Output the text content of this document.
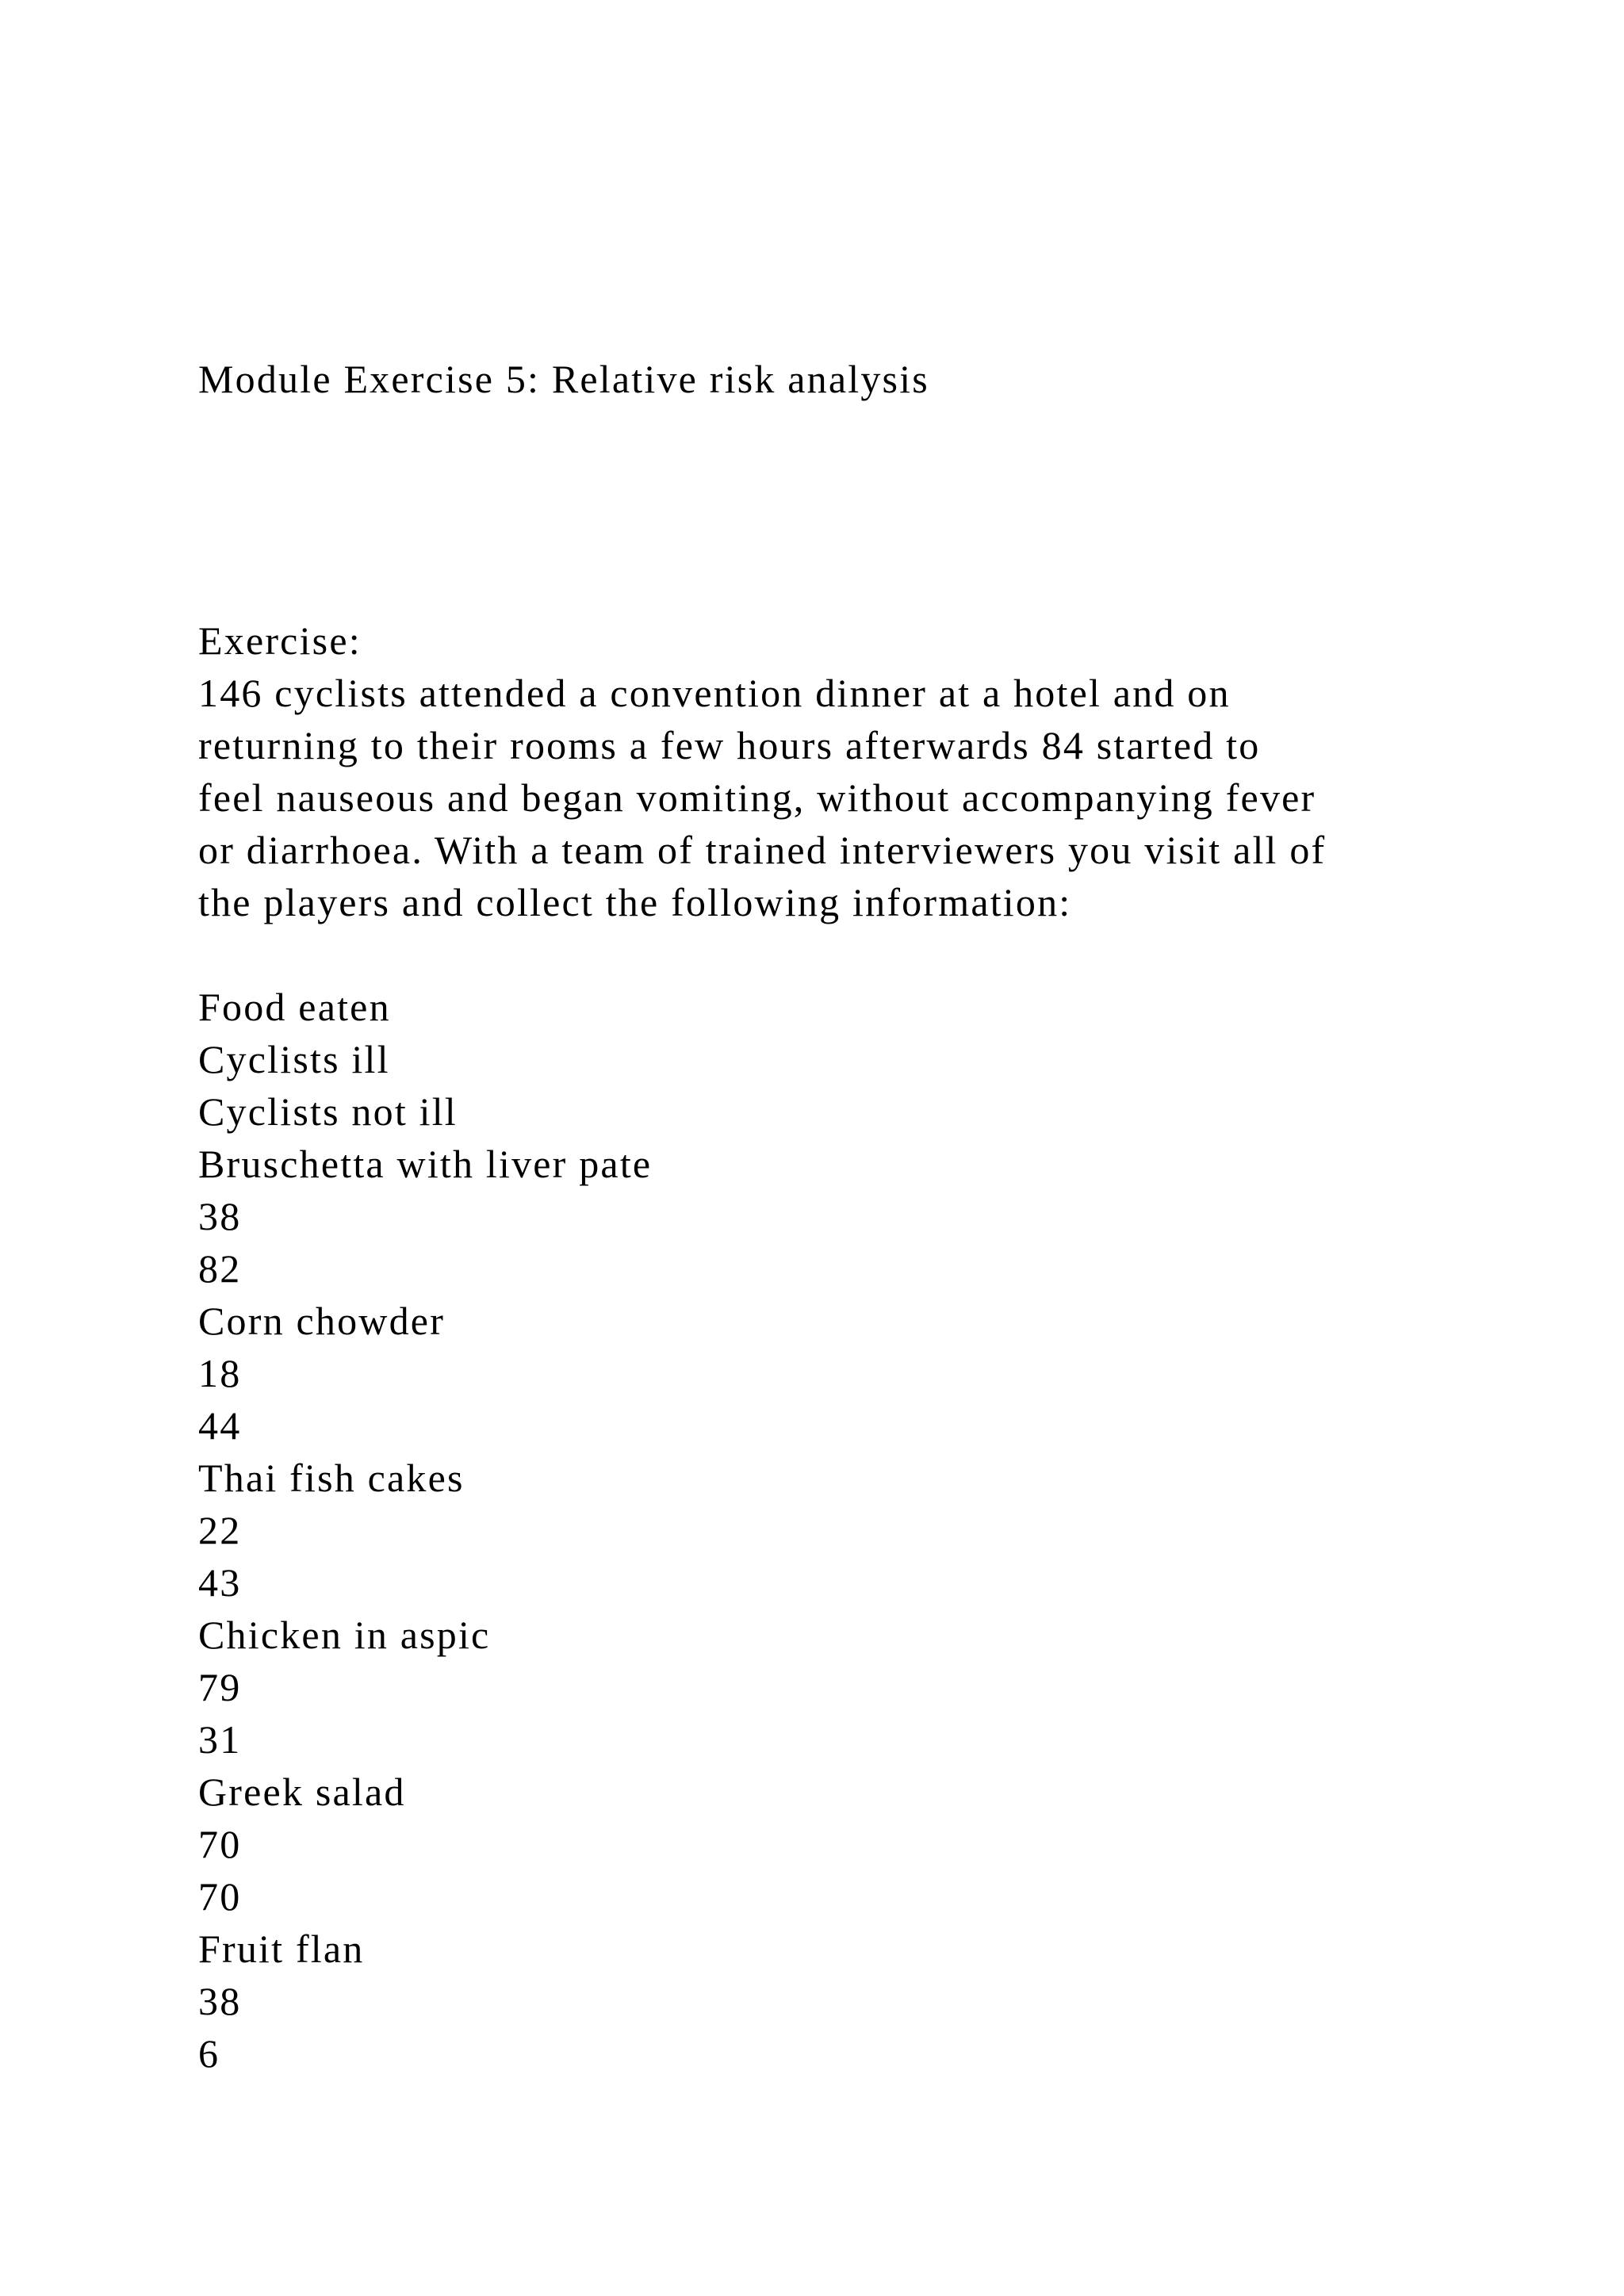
Module Exercise 5: Relative risk analysis
Exercise:
146 cyclists attended a convention dinner at a hotel and on
returning to their rooms a few hours afterwards 84 started to
feel nauseous and began vomiting, without accompanying fever
or diarrhoea. With a team of trained interviewers you visit all of
the players and collect the following information:
Food eaten
Cyclists ill
Cyclists not ill
Bruschetta with liver pate
38
82
Corn chowder
18
44
Thai fish cakes
22
43
Chicken in aspic
79
31
Greek salad
70
70
Fruit flan
38
6
